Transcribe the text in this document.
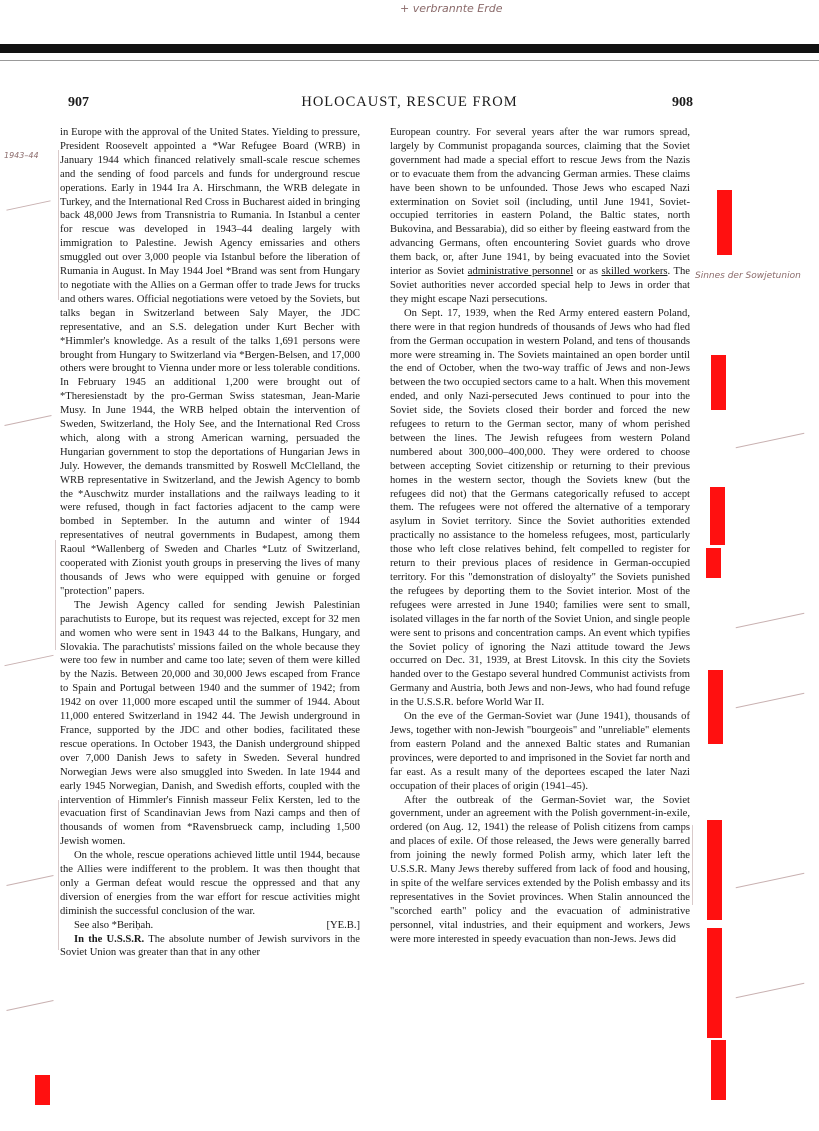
+ verbrannte Erde
907	HOLOCAUST, RESCUE FROM	908
1943–44
Sinnes der Sowjetunion

in Europe with the approval of the United States. Yielding to pressure, President Roosevelt appointed a *War Refugee Board (WRB) in January 1944 which financed relatively small-scale rescue schemes and the sending of food parcels and funds for underground rescue operations. Early in 1944 Ira A. Hirschmann, the WRB delegate in Turkey, and the International Red Cross in Bucharest aided in bringing back 48,000 Jews from Transnistria to Rumania. In Istanbul a center for rescue was developed in 1943–44 dealing largely with immigration to Palestine. Jewish Agency emissaries and others smuggled out over 3,000 people via Istanbul before the liberation of Rumania in August. In May 1944 Joel *Brand was sent from Hungary to negotiate with the Allies on a German offer to trade Jews for trucks and others wares. Official negotiations were vetoed by the Soviets, but talks began in Switzerland between Saly Mayer, the JDC representative, and an S.S. delegation under Kurt Becher with *Himmler's knowledge. As a result of the talks 1,691 persons were brought from Hungary to Switzerland via *Bergen-Belsen, and 17,000 others were brought to Vienna under more or less tolerable conditions. In February 1945 an additional 1,200 were brought out of *Theresienstadt by the pro-German Swiss statesman, Jean-Marie Musy. In June 1944, the WRB helped obtain the intervention of Sweden, Switzerland, the Holy See, and the International Red Cross which, along with a strong American warning, persuaded the Hungarian government to stop the deportations of Hungarian Jews in July. However, the demands transmitted by Roswell McClelland, the WRB representative in Switzerland, and the Jewish Agency to bomb the *Auschwitz murder installations and the railways leading to it were refused, though in fact factories adjacent to the camp were bombed in September. In the autumn and winter of 1944 representatives of neutral governments in Budapest, among them Raoul *Wallenberg of Sweden and Charles *Lutz of Switzerland, cooperated with Zionist youth groups in preserving the lives of many thousands of Jews who were equipped with genuine or forged "protection" papers.

The Jewish Agency called for sending Jewish Palestinian parachutists to Europe, but its request was rejected, except for 32 men and women who were sent in 1943 44 to the Balkans, Hungary, and Slovakia. The parachutists' missions failed on the whole because they were too few in number and came too late; seven of them were killed by the Nazis. Between 20,000 and 30,000 Jews escaped from France to Spain and Portugal between 1940 and the summer of 1942; from 1942 on over 11,000 more escaped until the summer of 1944. About 11,000 entered Switzerland in 1942 44. The Jewish underground in France, supported by the JDC and other bodies, facilitated these rescue operations. In October 1943, the Danish underground shipped over 7,000 Danish Jews to safety in Sweden. Several hundred Norwegian Jews were also smuggled into Sweden. In late 1944 and early 1945 Norwegian, Danish, and Swedish efforts, coupled with the intervention of Himmler's Finnish masseur Felix Kersten, led to the evacuation first of Scandinavian Jews from Nazi camps and then of thousands of women from *Ravensbrueck camp, including 1,500 Jewish women.

On the whole, rescue operations achieved little until 1944, because the Allies were indifferent to the problem. It was then thought that only a German defeat would rescue the oppressed and that any diversion of energies from the war effort for rescue activities might diminish the successful conclusion of the war.

See also *Beriḥah.	[YE.B.]

In the U.S.S.R. The absolute number of Jewish survivors in the Soviet Union was greater than that in any other

European country. For several years after the war rumors spread, largely by Communist propaganda sources, claiming that the Soviet government had made a special effort to rescue Jews from the Nazis or to evacuate them from the advancing German armies. These claims have been shown to be unfounded. Those Jews who escaped Nazi extermination on Soviet soil (including, until June 1941, Soviet-occupied territories in eastern Poland, the Baltic states, north Bukovina, and Bessarabia), did so either by fleeing eastward from the advancing Germans, often encountering Soviet guards who drove them back, or, after June 1941, by being evacuated into the Soviet interior as Soviet administrative personnel or as skilled workers. The Soviet authorities never accorded special help to Jews in order that they might escape Nazi persecutions.

On Sept. 17, 1939, when the Red Army entered eastern Poland, there were in that region hundreds of thousands of Jews who had fled from the German occupation in western Poland, and tens of thousands more were streaming in. The Soviets maintained an open border until the end of October, when the two-way traffic of Jews and non-Jews between the two occupied sectors came to a halt. When this movement ended, and only Nazi-persecuted Jews continued to pour into the Soviet side, the Soviets closed their border and forced the new refugees to return to the German sector, many of whom perished between the lines. The Jewish refugees from western Poland numbered about 300,000–400,000. They were ordered to choose between accepting Soviet citizenship or returning to their previous homes in the western sector, though the Soviets knew (but the refugees did not) that the Germans categorically refused to accept them. The refugees were not offered the alternative of a temporary asylum in Soviet territory. Since the Soviet authorities extended practically no assistance to the homeless refugees, most, particularly those who left close relatives behind, felt compelled to register for return to their previous places of residence in German-occupied territory. For this "demonstration of disloyalty" the Soviets punished the refugees by deporting them to the Soviet interior. Most of the refugees were arrested in June 1940; families were sent to small, isolated villages in the far north of the Soviet Union, and single people were sent to prisons and concentration camps. An event which typifies the Soviet policy of ignoring the Nazi attitude toward the Jews occurred on Dec. 31, 1939, at Brest Litovsk. In this city the Soviets handed over to the Gestapo several hundred Communist activists from Germany and Austria, both Jews and non-Jews, who had found refuge in the U.S.S.R. before World War II.

On the eve of the German-Soviet war (June 1941), thousands of Jews, together with non-Jewish "bourgeois" and "unreliable" elements from eastern Poland and the annexed Baltic states and Rumanian provinces, were deported to and imprisoned in the Soviet far north and far east. As a result many of the deportees escaped the later Nazi occupation of their places of origin (1941–45).

After the outbreak of the German-Soviet war, the Soviet government, under an agreement with the Polish government-in-exile, ordered (on Aug. 12, 1941) the release of Polish citizens from camps and places of exile. Of those released, the Jews were generally barred from joining the newly formed Polish army, which later left the U.S.S.R. Many Jews thereby suffered from lack of food and housing, in spite of the welfare services extended by the Polish embassy and its representatives in the Soviet provinces. When Stalin announced the "scorched earth" policy and the evacuation of administrative personnel, vital industries, and their equipment and workers, Jews were more interested in speedy evacuation than non-Jews. Jews did
